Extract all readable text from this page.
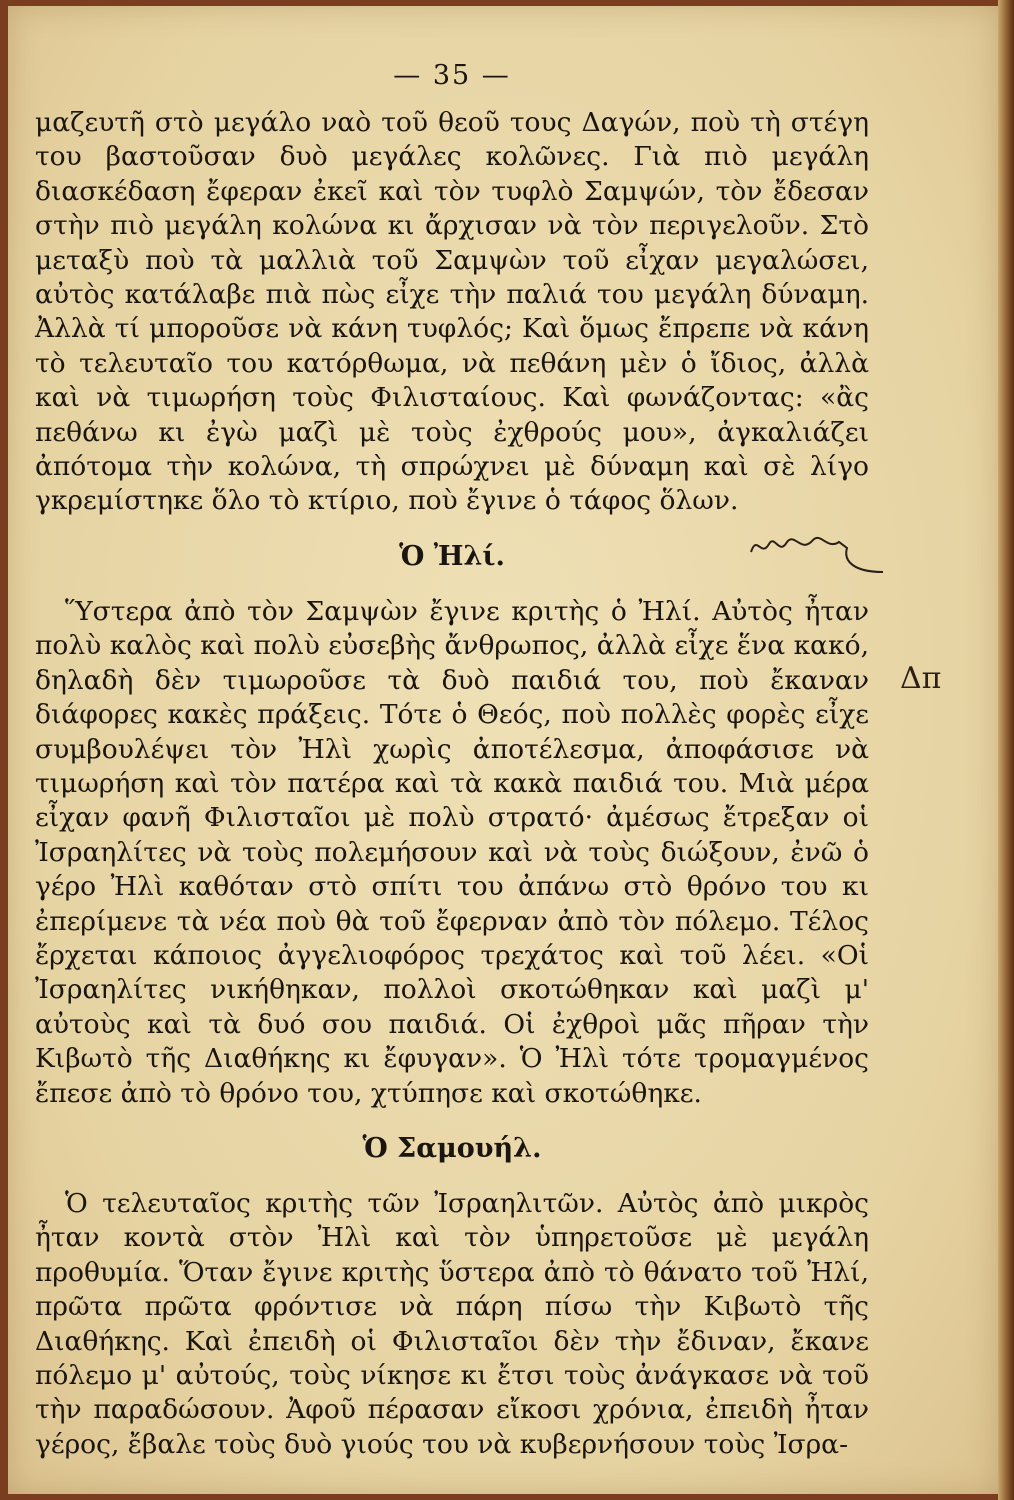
— 35 —

μαζευτῆ στὸ μεγάλο ναὸ τοῦ θεοῦ τους Δαγών, ποὺ τὴ στέγη του βαστοῦσαν δυὸ μεγάλες κολῶνες. Γιὰ πιὸ μεγάλη διασκέδαση ἔφεραν ἐκεῖ καὶ τὸν τυφλὸ Σαμψών, τὸν ἔδεσαν στὴν πιὸ μεγάλη κολώνα κι ἄρχισαν νὰ τὸν περιγελοῦν. Στὸ μεταξὺ ποὺ τὰ μαλλιὰ τοῦ Σαμψὼν τοῦ εἶχαν μεγαλώσει, αὐτὸς κατάλαβε πιὰ πὼς εἶχε τὴν παλιά του μεγάλη δύναμη. Ἀλλὰ τί μποροῦσε νὰ κάνη τυφλός; Καὶ ὅμως ἔπρεπε νὰ κάνη τὸ τελευταῖο του κατόρθωμα, νὰ πεθάνη μὲν ὁ ἴδιος, ἀλλὰ καὶ νὰ τιμωρήση τοὺς Φιλισταίους. Καὶ φωνάζοντας: «ἂς πεθάνω κι ἐγὼ μαζὶ μὲ τοὺς ἐχθρούς μου», ἀγκαλιάζει ἀπότομα τὴν κολώνα, τὴ σπρώχνει μὲ δύναμη καὶ σὲ λίγο γκρεμίστηκε ὅλο τὸ κτίριο, ποὺ ἔγινε ὁ τάφος ὅλων.

Ὁ Ἠλί.

Ὕστερα ἀπὸ τὸν Σαμψὼν ἔγινε κριτὴς ὁ Ἠλί. Αὐτὸς ἦταν πολὺ καλὸς καὶ πολὺ εὐσεβὴς ἄνθρωπος, ἀλλὰ εἶχε ἕνα κακό, δηλαδὴ δὲν τιμωροῦσε τὰ δυὸ παιδιά του, ποὺ ἔκαναν διάφορες κακὲς πράξεις. Τότε ὁ Θεός, ποὺ πολλὲς φορὲς εἶχε συμβουλέψει τὸν Ἠλὶ χωρὶς ἀποτέλεσμα, ἀποφάσισε νὰ τιμωρήση καὶ τὸν πατέρα καὶ τὰ κακὰ παιδιά του. Μιὰ μέρα εἶχαν φανῆ Φιλισταῖοι μὲ πολὺ στρατό· ἀμέσως ἔτρεξαν οἱ Ἰσραηλίτες νὰ τοὺς πολεμήσουν καὶ νὰ τοὺς διώξουν, ἐνῶ ὁ γέρο Ἠλὶ καθόταν στὸ σπίτι του ἀπάνω στὸ θρόνο του κι ἐπερίμενε τὰ νέα ποὺ θὰ τοῦ ἔφερναν ἀπὸ τὸν πόλεμο. Τέλος ἔρχεται κάποιος ἀγγελιοφόρος τρεχάτος καὶ τοῦ λέει. «Οἱ Ἰσραηλίτες νικήθηκαν, πολλοὶ σκοτώθηκαν καὶ μαζὶ μ' αὐτοὺς καὶ τὰ δυό σου παιδιά. Οἱ ἐχθροὶ μᾶς πῆραν τὴν Κιβωτὸ τῆς Διαθήκης κι ἔφυγαν». Ὁ Ἠλὶ τότε τρομαγμένος ἔπεσε ἀπὸ τὸ θρόνο του, χτύπησε καὶ σκοτώθηκε.

Ὁ Σαμουήλ.

Ὁ τελευταῖος κριτὴς τῶν Ἰσραηλιτῶν. Αὐτὸς ἀπὸ μικρὸς ἦταν κοντὰ στὸν Ἠλὶ καὶ τὸν ὑπηρετοῦσε μὲ μεγάλη προθυμία. Ὅταν ἔγινε κριτὴς ὕστερα ἀπὸ τὸ θάνατο τοῦ Ἠλί, πρῶτα πρῶτα φρόντισε νὰ πάρη πίσω τὴν Κιβωτὸ τῆς Διαθήκης. Καὶ ἐπειδὴ οἱ Φιλισταῖοι δὲν τὴν ἔδιναν, ἔκανε πόλεμο μ' αὐτούς, τοὺς νίκησε κι ἔτσι τοὺς ἀνάγκασε νὰ τοῦ τὴν παραδώσουν. Ἀφοῦ πέρασαν εἴκοσι χρόνια, ἐπειδὴ ἦταν γέρος, ἔβαλε τοὺς δυὸ γιούς του νὰ κυβερνήσουν τοὺς Ἰσρα-

Δπ
